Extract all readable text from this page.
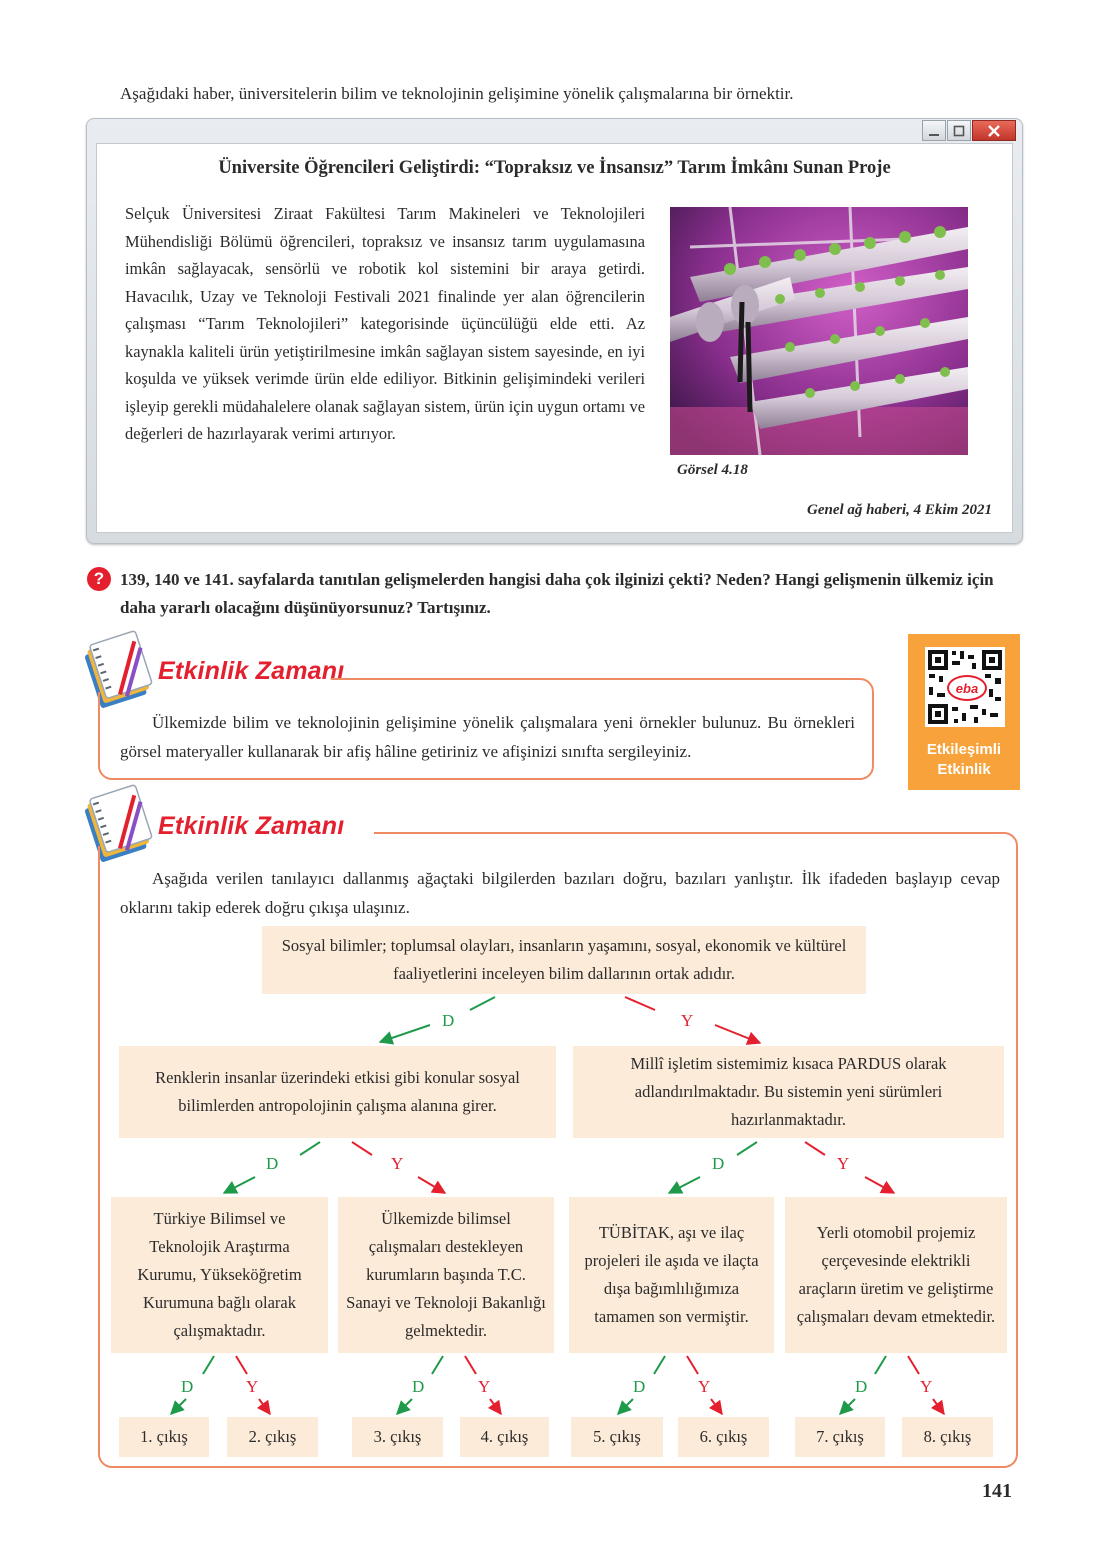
Aşağıdaki haber, üniversitelerin bilim ve teknolojinin gelişimine yönelik çalışmalarına bir örnektir.
Üniversite Öğrencileri Geliştirdi: “Topraksız ve İnsansız” Tarım İmkânı Sunan Proje
Selçuk Üniversitesi Ziraat Fakültesi Tarım Makineleri ve Teknolojileri Mühendisliği Bölümü öğrencileri, topraksız ve insansız tarım uygulamasına imkân sağlayacak, sensörlü ve robotik kol sistemini bir araya getirdi. Havacılık, Uzay ve Teknoloji Festivali 2021 finalinde yer alan öğrencilerin çalışması “Tarım Teknolojileri” kategorisinde üçüncülüğü elde etti. Az kaynakla kaliteli ürün yetiştirilmesine imkân sağlayan sistem sayesinde, en iyi koşulda ve yüksek verimde ürün elde ediliyor. Bitkinin gelişimindeki verileri işleyip gerekli müdahalelere olanak sağlayan sistem, ürün için uygun ortamı ve değerleri de hazırlayarak verimi artırıyor.
Görsel 4.18
Genel ağ haberi, 4 Ekim 2021
? 139, 140 ve 141. sayfalarda tanıtılan gelişmelerden hangisi daha çok ilginizi çekti? Neden? Hangi gelişmenin ülkemiz için daha yararlı olacağını düşünüyorsunuz? Tartışınız.
Etkinlik Zamanı
Ülkemizde bilim ve teknolojinin gelişimine yönelik çalışmalara yeni örnekler bulunuz. Bu örnekleri görsel materyaller kullanarak bir afiş hâline getiriniz ve afişinizi sınıfta sergileyiniz.
eba
Etkileşimli
Etkinlik
Etkinlik Zamanı
Aşağıda verilen tanılayıcı dallanmış ağaçtaki bilgilerden bazıları doğru, bazıları yanlıştır. İlk ifadeden başlayıp cevap oklarını takip ederek doğru çıkışa ulaşınız.
Sosyal bilimler; toplumsal olayları, insanların yaşamını, sosyal, ekonomik ve kültürel faaliyetlerini inceleyen bilim dallarının ortak adıdır.
Renklerin insanlar üzerindeki etkisi gibi konular sosyal bilimlerden antropolojinin çalışma alanına girer.
Millî işletim sistemimiz kısaca PARDUS olarak adlandırılmaktadır. Bu sistemin yeni sürümleri hazırlanmaktadır.
Türkiye Bilimsel ve Teknolojik Araştırma Kurumu, Yükseköğretim Kurumuna bağlı olarak çalışmaktadır.
Ülkemizde bilimsel çalışmaları destekleyen kurumların başında T.C. Sanayi ve Teknoloji Bakanlığı gelmektedir.
TÜBİTAK, aşı ve ilaç projeleri ile aşıda ve ilaçta dışa bağımlılığımıza tamamen son vermiştir.
Yerli otomobil projemiz çerçevesinde elektrikli araçların üretim ve geliştirme çalışmaları devam etmektedir.
1. çıkış	2. çıkış	3. çıkış	4. çıkış	5. çıkış	6. çıkış	7. çıkış	8. çıkış
D	Y
D	Y	D	Y
D	Y	D	Y	D	Y	D	Y
141
